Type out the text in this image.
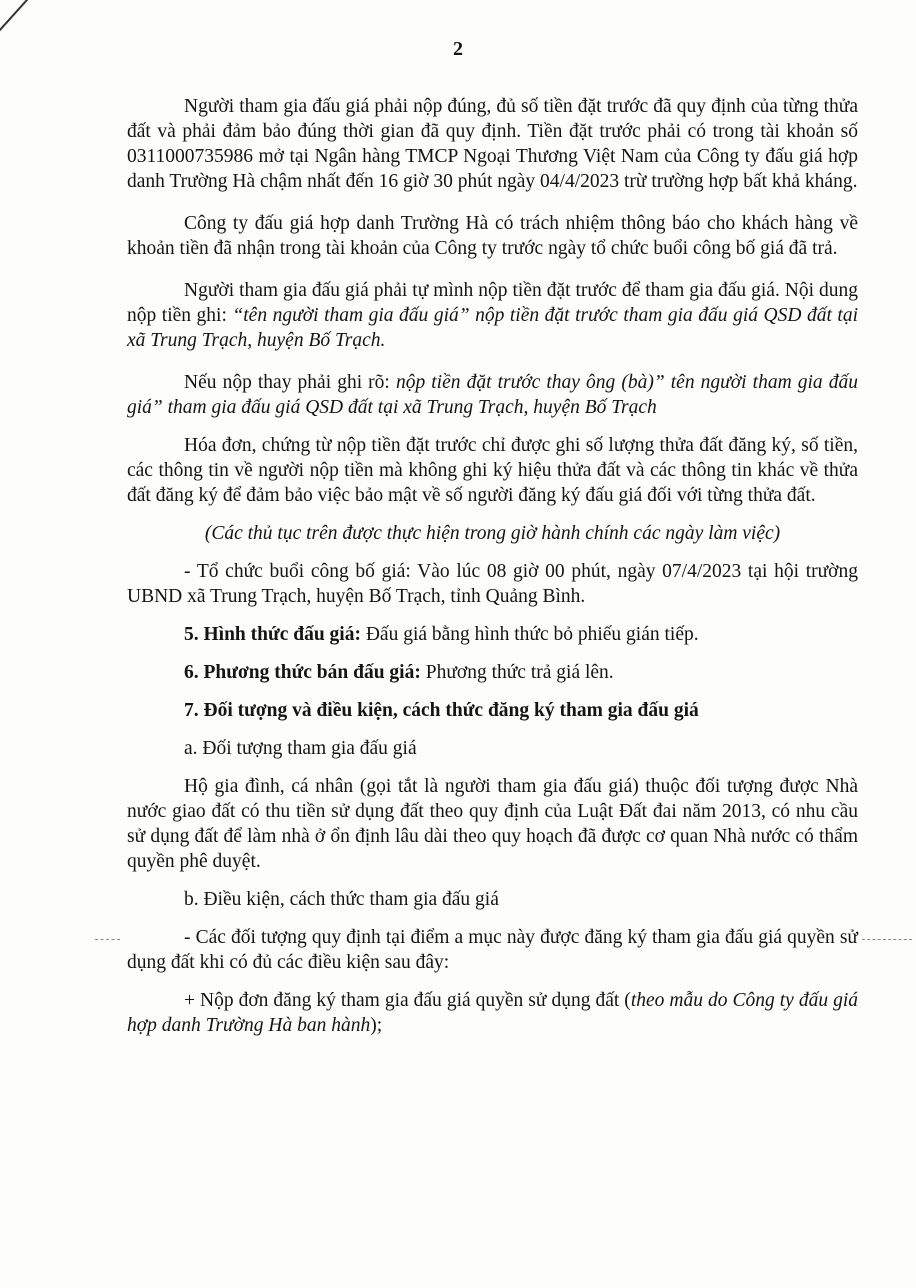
2

Người tham gia đấu giá phải nộp đúng, đủ số tiền đặt trước đã quy định của từng thửa đất và phải đảm bảo đúng thời gian đã quy định. Tiền đặt trước phải có trong tài khoản số 0311000735986 mở tại Ngân hàng TMCP Ngoại Thương Việt Nam của Công ty đấu giá hợp danh Trường Hà chậm nhất đến 16 giờ 30 phút ngày 04/4/2023 trừ trường hợp bất khả kháng.

Công ty đấu giá hợp danh Trường Hà có trách nhiệm thông báo cho khách hàng về khoản tiền đã nhận trong tài khoản của Công ty trước ngày tổ chức buổi công bố giá đã trả.

Người tham gia đấu giá phải tự mình nộp tiền đặt trước để tham gia đấu giá. Nội dung nộp tiền ghi: “tên người tham gia đấu giá” nộp tiền đặt trước tham gia đấu giá QSD đất tại xã Trung Trạch, huyện Bố Trạch.

Nếu nộp thay phải ghi rõ: nộp tiền đặt trước thay ông (bà)” tên người tham gia đấu giá” tham gia đấu giá QSD đất tại xã Trung Trạch, huyện Bố Trạch

Hóa đơn, chứng từ nộp tiền đặt trước chỉ được ghi số lượng thửa đất đăng ký, số tiền, các thông tin về người nộp tiền mà không ghi ký hiệu thửa đất và các thông tin khác về thửa đất đăng ký để đảm bảo việc bảo mật về số người đăng ký đấu giá đối với từng thửa đất.

(Các thủ tục trên được thực hiện trong giờ hành chính các ngày làm việc)

- Tổ chức buổi công bố giá: Vào lúc 08 giờ 00 phút, ngày 07/4/2023 tại hội trường UBND xã Trung Trạch, huyện Bố Trạch, tỉnh Quảng Bình.

5. Hình thức đấu giá: Đấu giá bằng hình thức bỏ phiếu gián tiếp.

6. Phương thức bán đấu giá: Phương thức trả giá lên.

7. Đối tượng và điều kiện, cách thức đăng ký tham gia đấu giá

a. Đối tượng tham gia đấu giá

Hộ gia đình, cá nhân (gọi tắt là người tham gia đấu giá) thuộc đối tượng được Nhà nước giao đất có thu tiền sử dụng đất theo quy định của Luật Đất đai năm 2013, có nhu cầu sử dụng đất để làm nhà ở ổn định lâu dài theo quy hoạch đã được cơ quan Nhà nước có thẩm quyền phê duyệt.

b. Điều kiện, cách thức tham gia đấu giá

- Các đối tượng quy định tại điểm a mục này được đăng ký tham gia đấu giá quyền sử dụng đất khi có đủ các điều kiện sau đây:

+ Nộp đơn đăng ký tham gia đấu giá quyền sử dụng đất (theo mẫu do Công ty đấu giá hợp danh Trường Hà ban hành);
